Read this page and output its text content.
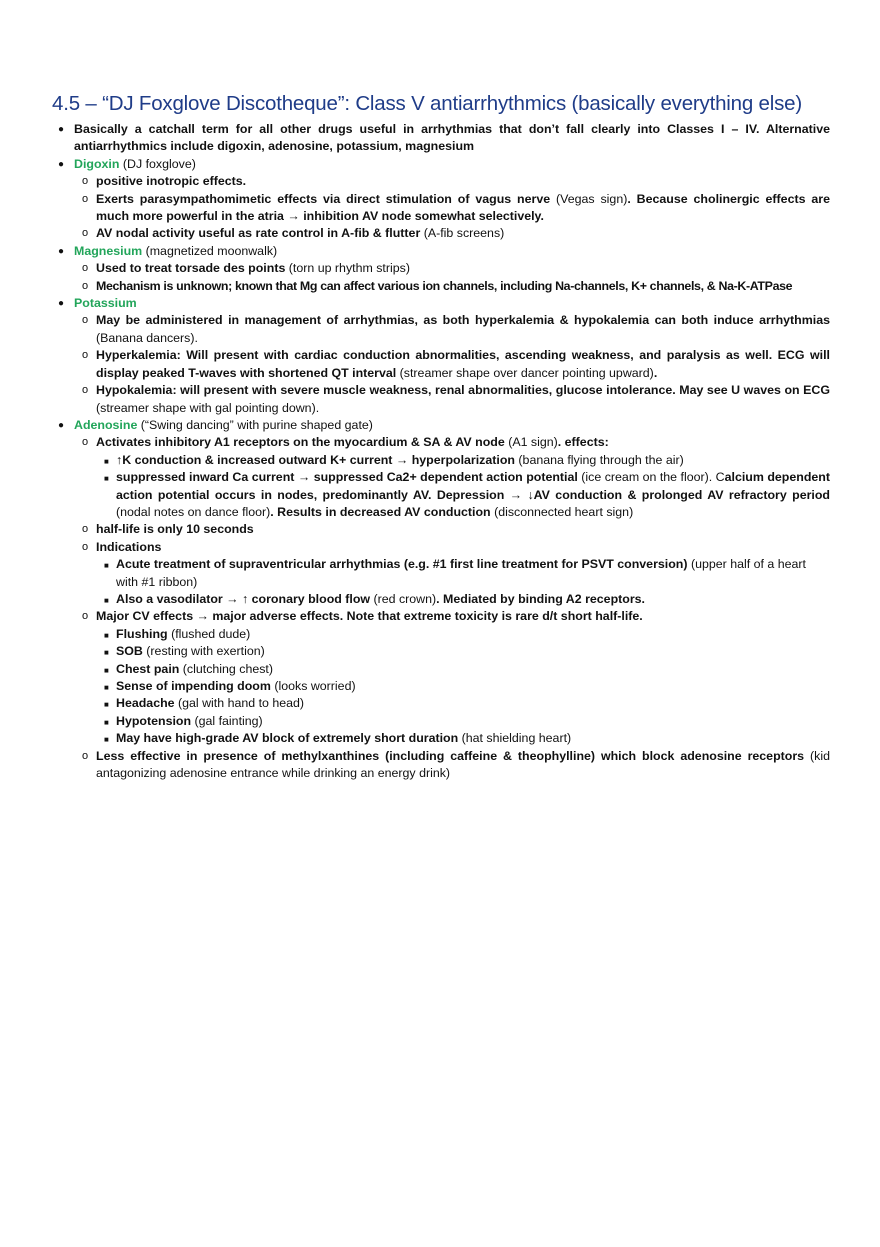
4.5 – “DJ Foxglove Discotheque”: Class V antiarrhythmics (basically everything else)
● Basically a catchall term for all other drugs useful in arrhythmias that don’t fall clearly into Classes I – IV. Alternative antiarrhythmics include digoxin, adenosine, potassium, magnesium
● Digoxin (DJ foxglove)
o positive inotropic effects.
o Exerts parasympathomimetic effects via direct stimulation of vagus nerve (Vegas sign). Because cholinergic effects are much more powerful in the atria → inhibition AV node somewhat selectively.
o AV nodal activity useful as rate control in A-fib & flutter (A-fib screens)
● Magnesium (magnetized moonwalk)
o Used to treat torsade des points (torn up rhythm strips)
o Mechanism is unknown; known that Mg can affect various ion channels, including Na-channels, K+ channels, & Na-K-ATPase
● Potassium
o May be administered in management of arrhythmias, as both hyperkalemia & hypokalemia can both induce arrhythmias (Banana dancers).
o Hyperkalemia: Will present with cardiac conduction abnormalities, ascending weakness, and paralysis as well. ECG will display peaked T-waves with shortened QT interval (streamer shape over dancer pointing upward).
o Hypokalemia: will present with severe muscle weakness, renal abnormalities, glucose intolerance. May see U waves on ECG (streamer shape with gal pointing down).
● Adenosine (“Swing dancing” with purine shaped gate)
o Activates inhibitory A1 receptors on the myocardium & SA & AV node (A1 sign). effects:
■ ↑K conduction & increased outward K+ current → hyperpolarization (banana flying through the air)
■ suppressed inward Ca current → suppressed Ca2+ dependent action potential (ice cream on the floor). Calcium dependent action potential occurs in nodes, predominantly AV. Depression → ↓AV conduction & prolonged AV refractory period (nodal notes on dance floor). Results in decreased AV conduction (disconnected heart sign)
o half-life is only 10 seconds
o Indications
■ Acute treatment of supraventricular arrhythmias (e.g. #1 first line treatment for PSVT conversion) (upper half of a heart with #1 ribbon)
■ Also a vasodilator → ↑ coronary blood flow (red crown). Mediated by binding A2 receptors.
o Major CV effects → major adverse effects. Note that extreme toxicity is rare d/t short half-life.
■ Flushing (flushed dude)
■ SOB (resting with exertion)
■ Chest pain (clutching chest)
■ Sense of impending doom (looks worried)
■ Headache (gal with hand to head)
■ Hypotension (gal fainting)
■ May have high-grade AV block of extremely short duration (hat shielding heart)
o Less effective in presence of methylxanthines (including caffeine & theophylline) which block adenosine receptors (kid antagonizing adenosine entrance while drinking an energy drink)
